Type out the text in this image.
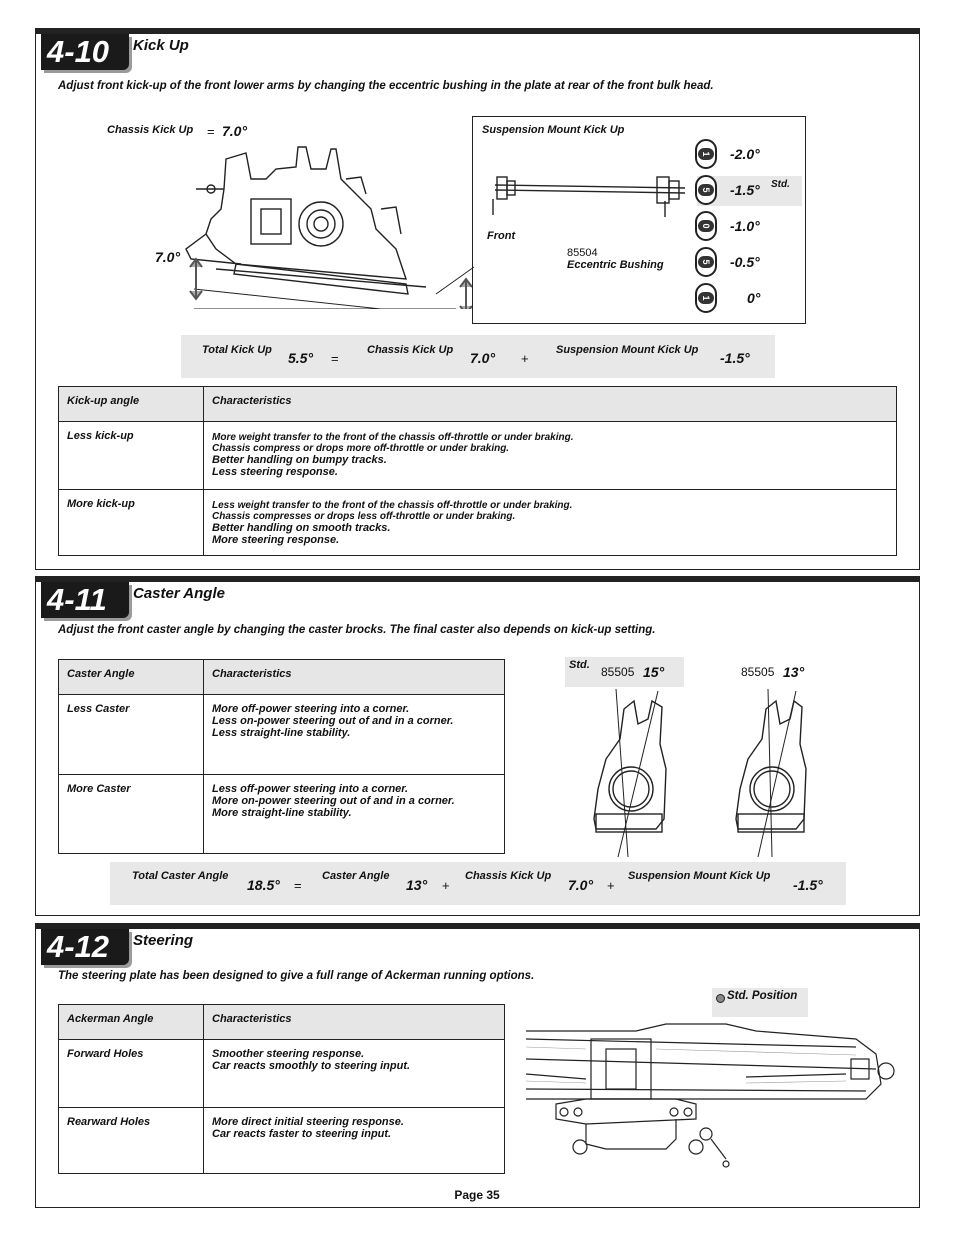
4-10	Kick Up
Adjust front kick-up of the front lower arms by changing the eccentric bushing in the plate at rear of the front bulk head.
Chassis Kick Up = 7.0°
7.0°
Suspension Mount Kick Up
Front
85504
Eccentric Bushing
Std.
1 -2.0°
5 -1.5°
0 -1.0°
5 -0.5°
1	0°
Total Kick Up 5.5° =
Chassis Kick Up 7.0° +
Suspension Mount Kick Up -1.5°
Kick-up angle	Characteristics
Less kick-up	More weight transfer to the front of the chassis off-throttle or under braking.
Chassis compress or drops more off-throttle or under braking.
Better handling on bumpy tracks.
Less steering response.

More kick-up	Less weight transfer to the front of the chassis off-throttle or under braking.
Chassis compresses or drops less off-throttle or under braking.
Better handling on smooth tracks.
More steering response.
4-11	Caster Angle
Adjust the front caster angle by changing the caster brocks. The final caster also depends on kick-up setting.
Caster Angle	Characteristics
Less Caster	More off-power steering into a corner.
Less on-power steering out of and in a corner.
Less straight-line stability.

More Caster	Less off-power steering into a corner.
More on-power steering out of and in a corner.
More straight-line stability.
Std. 85505 15°	85505 13°
Total Caster Angle
18.5° =
Caster Angle
13° +
Chassis Kick Up
7.0° +
Suspension Mount Kick Up
-1.5°
4-12	Steering
The steering plate has been designed to give a full range of Ackerman running options.
Ackerman Angle	Characteristics
Forward Holes	Smoother steering response.
Car reacts smoothly to steering input.

Rearward Holes	More direct initial steering response.
Car reacts faster to steering input.
Std. Position
Page 35
